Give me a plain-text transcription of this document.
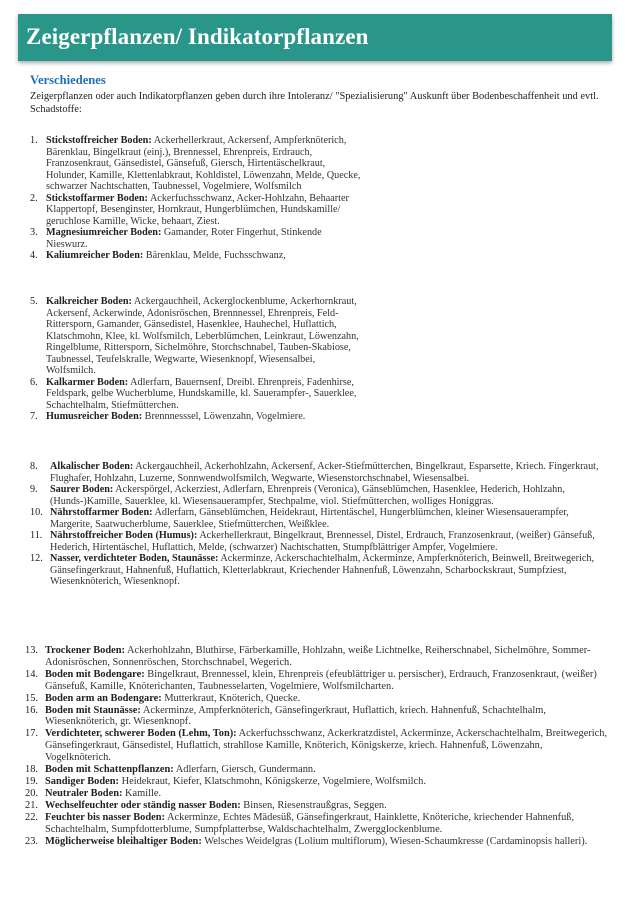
Zeigerpflanzen/ Indikatorpflanzen
Verschiedenes

Zeigerpflanzen oder auch Indikatorpflanzen geben durch ihre Intoleranz/ "Spezialisierung" Auskunft über Bodenbeschaffenheit und evtl. Schadstoffe:

1. Stickstoffreicher Boden: Ackerhellerkraut, Ackersenf, Ampferknöterich, Bärenklau, Bingelkraut (einj.), Brennessel, Ehrenpreis, Erdrauch, Franzosenkraut, Gänsedistel, Gänsefuß, Giersch, Hirtentäschelkraut, Holunder, Kamille, Klettenlabkraut, Kohldistel, Löwenzahn, Melde, Quecke, schwarzer Nachtschatten, Taubnessel, Vogelmiere, Wolfsmilch
2. Stickstoffarmer Boden: Ackerfuchsschwanz, Acker-Hohlzahn, Behaarter Klappertopf, Besenginster, Hornkraut, Hungerblümchen, Hundskamille/ geruchlose Kamille, Wicke, behaart, Ziest.
3. Magnesiumreicher Boden: Gamander, Roter Fingerhut, Stinkende Nieswurz.
4. Kaliumreicher Boden: Bärenklau, Melde, Fuchsschwanz,
5. Kalkreicher Boden: Ackergauchheil, Ackerglockenblume, Ackerhornkraut, Ackersenf, Ackerwinde, Adonisröschen, Brennnessel, Ehrenpreis, Feld-Rittersporn, Gamander, Gänsedistel, Hasenklee, Hauhechel, Huflattich, Klatschmohn, Klee, kl. Wolfsmilch, Leberblümchen, Leinkraut, Löwenzahn, Ringelblume, Rittersporn, Sichelmöhre, Storchschnabel, Tauben-Skabiose, Taubnessel, Teufelskralle, Wegwarte, Wiesenknopf, Wiesensalbei, Wolfsmilch.
6. Kalkarmer Boden: Adlerfarn, Bauernsenf, Dreibl. Ehrenpreis, Fadenhirse, Feldspark, gelbe Wucherblume, Hundskamille, kl. Sauerampfer-, Sauerklee, Schachtelhalm, Stiefmütterchen.
7. Humusreicher Boden: Brennnesssel, Löwenzahn, Vogelmiere.
8. Alkalischer Boden: Ackergauchheil, Ackerhohlzahn, Ackersenf, Acker-Stiefmütterchen, Bingelkraut, Esparsette, Kriech. Fingerkraut, Flughafer, Hohlzahn, Luzerne, Sonnwendwolfsmilch, Wegwarte, Wiesenstorchschnabel, Wiesensalbei.
9. Saurer Boden: Ackerspörgel, Ackerziest, Adlerfarn, Ehrenpreis (Veronica), Gänseblümchen, Hasenklee, Hederich, Hohlzahn, (Hunds-)Kamille, Sauerklee, kl. Wiesensauerampfer, Stechpalme, viol. Stiefmütterchen, wolliges Honiggras.
10. Nährstoffarmer Boden: Adlerfarn, Gänseblümchen, Heidekraut, Hirtentäschel, Hungerblümchen, kleiner Wiesensauerampfer, Margerite, Saatwucherblume, Sauerklee, Stiefmütterchen, Weißklee.
11. Nährstoffreicher Boden (Humus): Ackerhellerkraut, Bingelkraut, Brennessel, Distel, Erdrauch, Franzosenkraut, (weißer) Gänsefuß, Hederich, Hirtentäschel, Huflattich, Melde, (schwarzer) Nachtschatten, Stumpfblättriger Ampfer, Vogelmiere.
12. Nasser, verdichteter Boden, Staunässe: Ackerminze, Ackerschachtelhalm, Ackerminze, Ampferknöterich, Beinwell, Breitwegerich, Gänsefingerkraut, Hahnenfuß, Huflattich, Kletterlabkraut, Kriechender Hahnenfuß, Löwenzahn, Scharbockskraut, Sumpfziest, Wiesenknöterich, Wiesenknopf.
13. Trockener Boden: Ackerhohlzahn, Bluthirse, Färberkamille, Hohlzahn, weiße Lichtnelke, Reiherschnabel, Sichelmöhre, Sommer- Adonisröschen, Sonnenröschen, Storchschnabel, Wegerich.
14. Boden mit Bodengare: Bingelkraut, Brennessel, klein, Ehrenpreis (efeublättriger u. persischer), Erdrauch, Franzosenkraut, (weißer) Gänsefuß, Kamille, Knöterichanten, Taubnesselarten, Vogelmiere, Wolfsmilcharten.
15. Boden arm an Bodengare: Mutterkraut, Knöterich, Quecke.
16. Boden mit Staunässe: Ackerminze, Ampferknöterich, Gänsefingerkraut, Huflattich, kriech. Hahnenfuß, Schachtelhalm, Wiesenknöterich, gr. Wiesenknopf.
17. Verdichteter, schwerer Boden (Lehm, Ton): Ackerfuchsschwanz, Ackerkratzdistel, Ackerminze, Ackerschachtelhalm, Breitwegerich, Gänsefingerkraut, Gänsedistel, Huflattich, strahllose Kamille, Knöterich, Königskerze, kriech. Hahnenfuß, Löwenzahn, Vogelknöterich.
18. Boden mit Schattenpflanzen: Adlerfarn, Giersch, Gundermann.
19. Sandiger Boden: Heidekraut, Kiefer, Klatschmohn, Königskerze, Vogelmiere, Wolfsmilch.
20. Neutraler Boden: Kamille.
21. Wechselfeuchter oder ständig nasser Boden: Binsen, Riesenstraußgras, Seggen.
22. Feuchter bis nasser Boden: Ackerminze, Echtes Mädesüß, Gänsefingerkraut, Hainklette, Knöteriche, kriechender Hahnenfuß, Schachtelhalm, Sumpfdotterblume, Sumpfplatterbse, Waldschachtelhalm, Zwergglockenblume.
23. Möglicherweise bleihaltiger Boden: Welsches Weidelgras (Lolium multiflorum), Wiesen-Schaumkresse (Cardaminopsis halleri).
